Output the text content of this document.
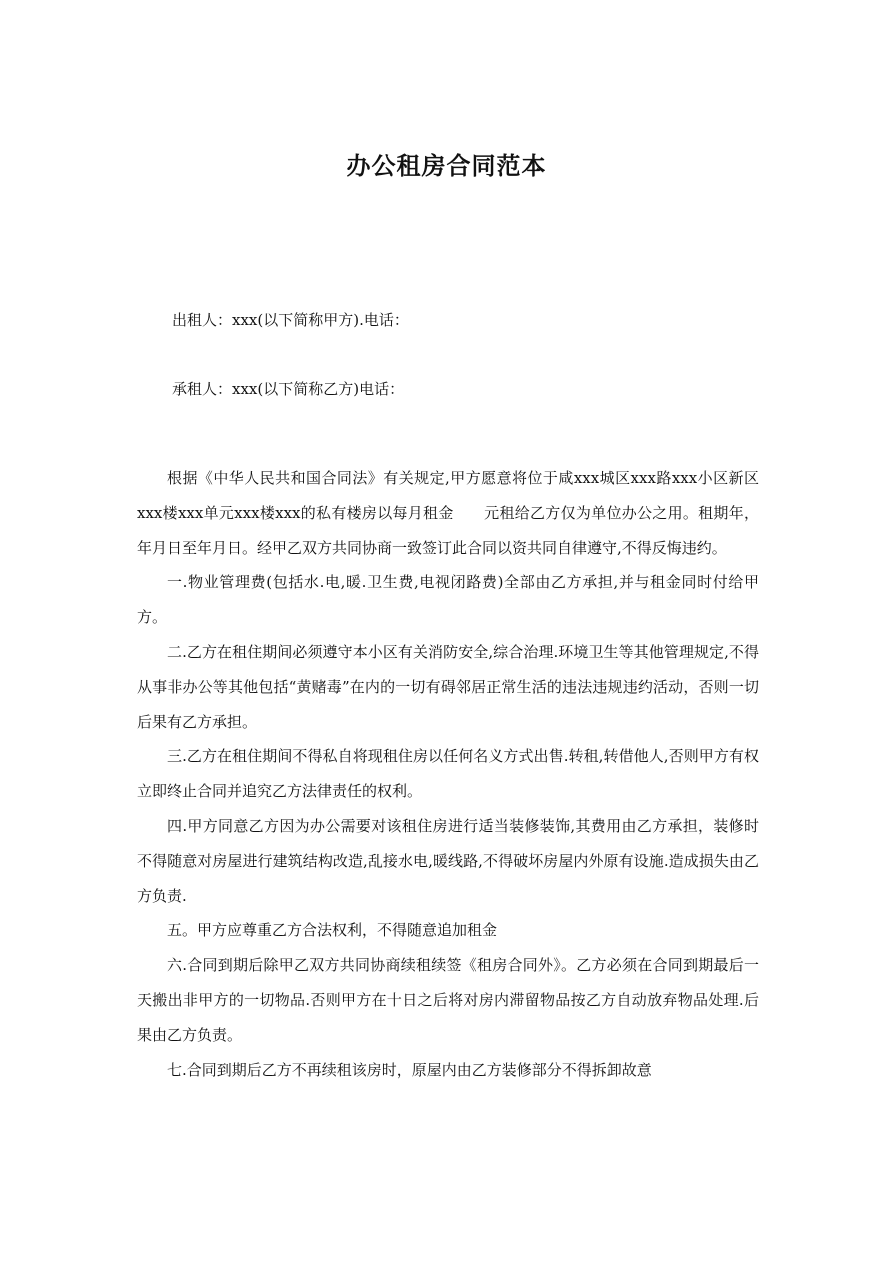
办公租房合同范本
出租人：xxx(以下简称甲方).电话：
承租人：xxx(以下简称乙方)电话：

根据《中华人民共和国合同法》有关规定,甲方愿意将位于咸xxx城区xxx路xxx小区新区xxx楼xxx单元xxx楼xxx的私有楼房以每月租金　　元租给乙方仅为单位办公之用。租期年，年月日至年月日。经甲乙双方共同协商一致签订此合同以资共同自律遵守,不得反悔违约。

一.物业管理费(包括水.电,暖.卫生费,电视闭路费)全部由乙方承担,并与租金同时付给甲方。

二.乙方在租住期间必须遵守本小区有关消防安全,综合治理.环境卫生等其他管理规定,不得从事非办公等其他包括“黄赌毒”在内的一切有碍邻居正常生活的违法违规违约活动，否则一切后果有乙方承担。

三.乙方在租住期间不得私自将现租住房以任何名义方式出售.转租,转借他人,否则甲方有权立即终止合同并追究乙方法律责任的权利。

四.甲方同意乙方因为办公需要对该租住房进行适当装修装饰,其费用由乙方承担，装修时不得随意对房屋进行建筑结构改造,乱接水电,暖线路,不得破坏房屋内外原有设施.造成损失由乙方负责.

五。甲方应尊重乙方合法权利，不得随意追加租金

六.合同到期后除甲乙双方共同协商续租续签《租房合同外》。乙方必须在合同到期最后一天搬出非甲方的一切物品.否则甲方在十日之后将对房内滞留物品按乙方自动放弃物品处理.后果由乙方负责。

七.合同到期后乙方不再续租该房时，原屋内由乙方装修部分不得拆卸故意
